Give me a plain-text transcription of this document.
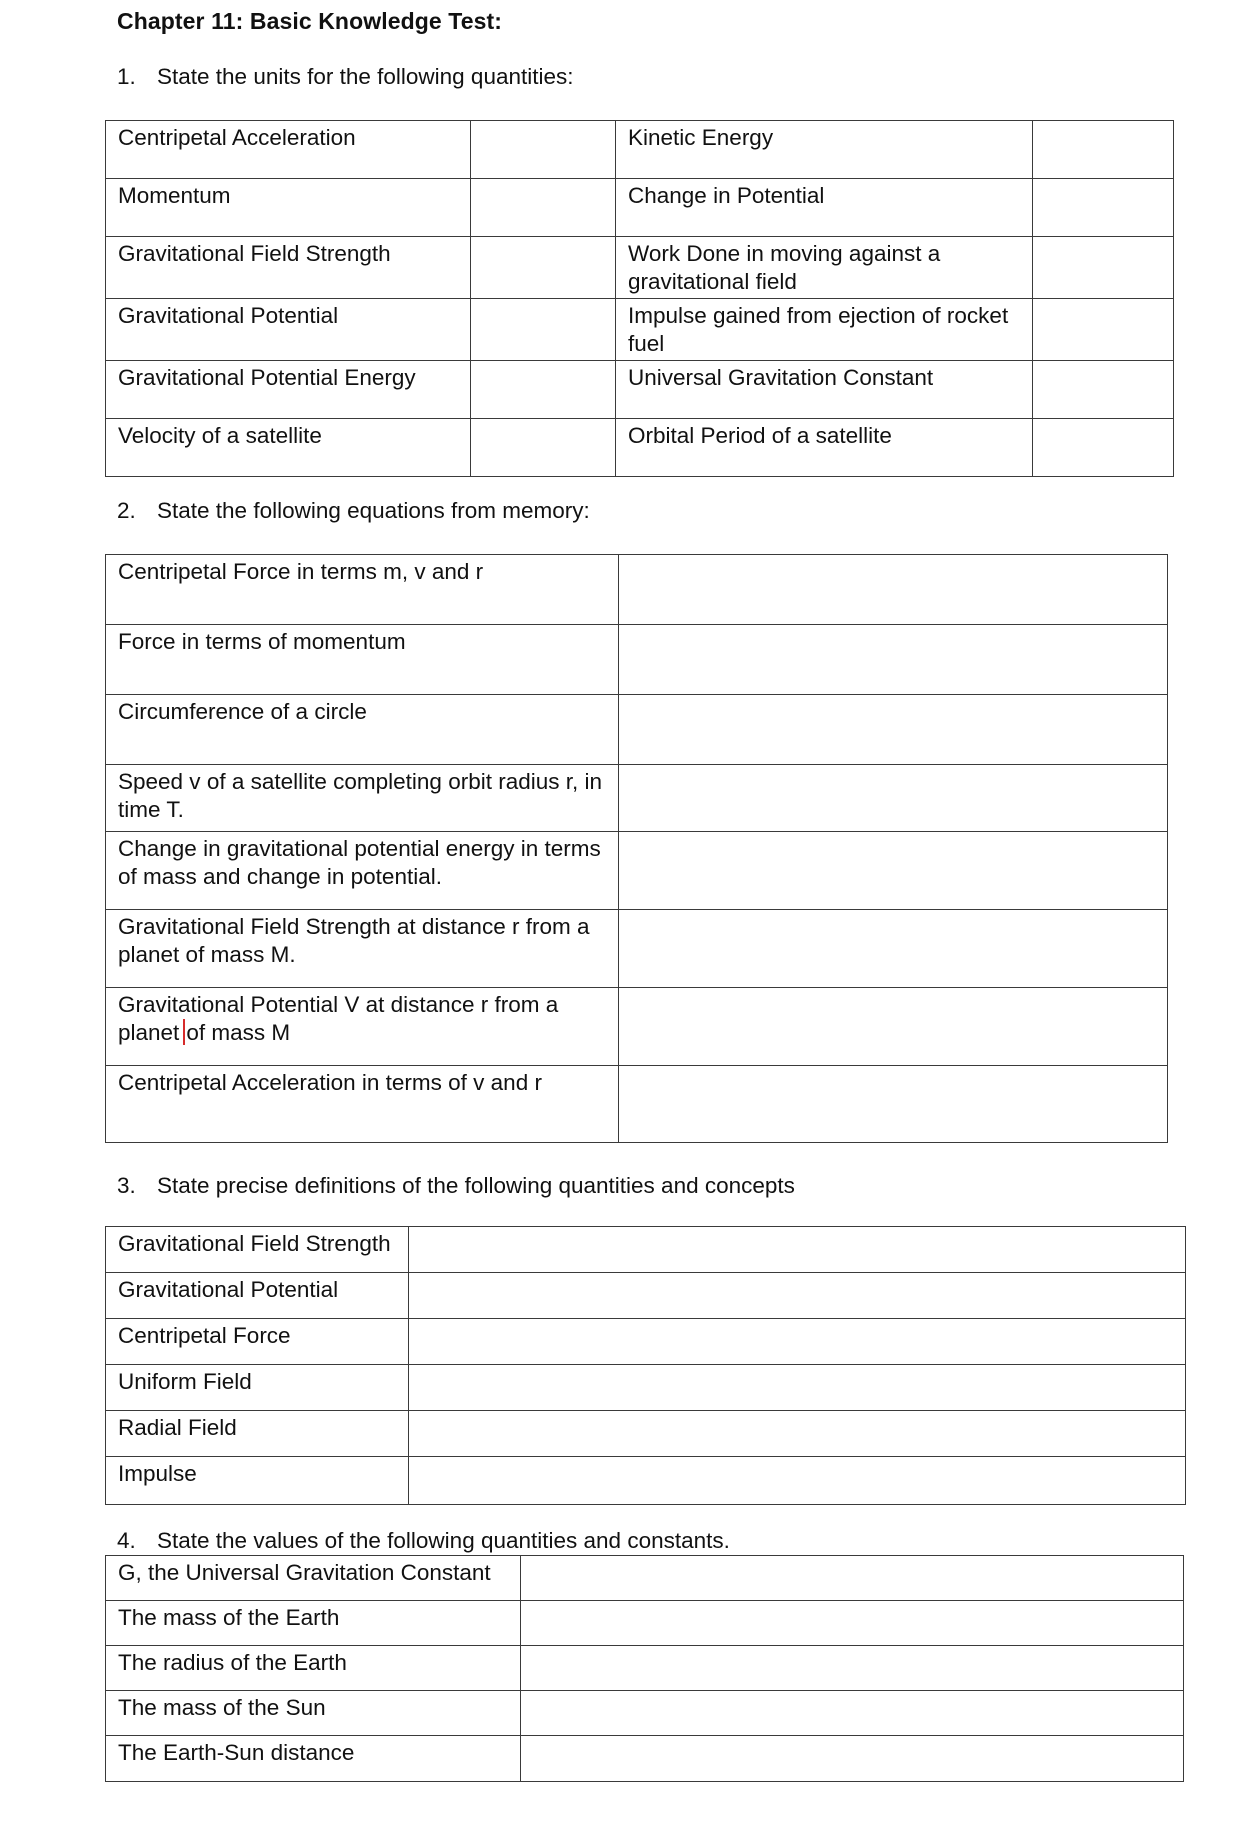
Chapter 11: Basic Knowledge Test:
1. State the units for the following quantities:
Centripetal Acceleration		Kinetic Energy	
Momentum		Change in Potential	
Gravitational Field Strength		Work Done in moving against a gravitational field	
Gravitational Potential		Impulse gained from ejection of rocket fuel	
Gravitational Potential Energy		Universal Gravitation Constant	
Velocity of a satellite		Orbital Period of a satellite	
2. State the following equations from memory:
Centripetal Force in terms m, v and r	
Force in terms of momentum	
Circumference of a circle	
Speed v of a satellite completing orbit radius r, in time T.	
Change in gravitational potential energy in terms of mass and change in potential.	
Gravitational Field Strength at distance r from a planet of mass M.	
Gravitational Potential V at distance r from a planet of mass M	
Centripetal Acceleration in terms of v and r	
3. State precise definitions of the following quantities and concepts
Gravitational Field Strength	
Gravitational Potential	
Centripetal Force	
Uniform Field	
Radial Field	
Impulse	
4. State the values of the following quantities and constants.
G, the Universal Gravitation Constant	
The mass of the Earth	
The radius of the Earth	
The mass of the Sun	
The Earth-Sun distance	
